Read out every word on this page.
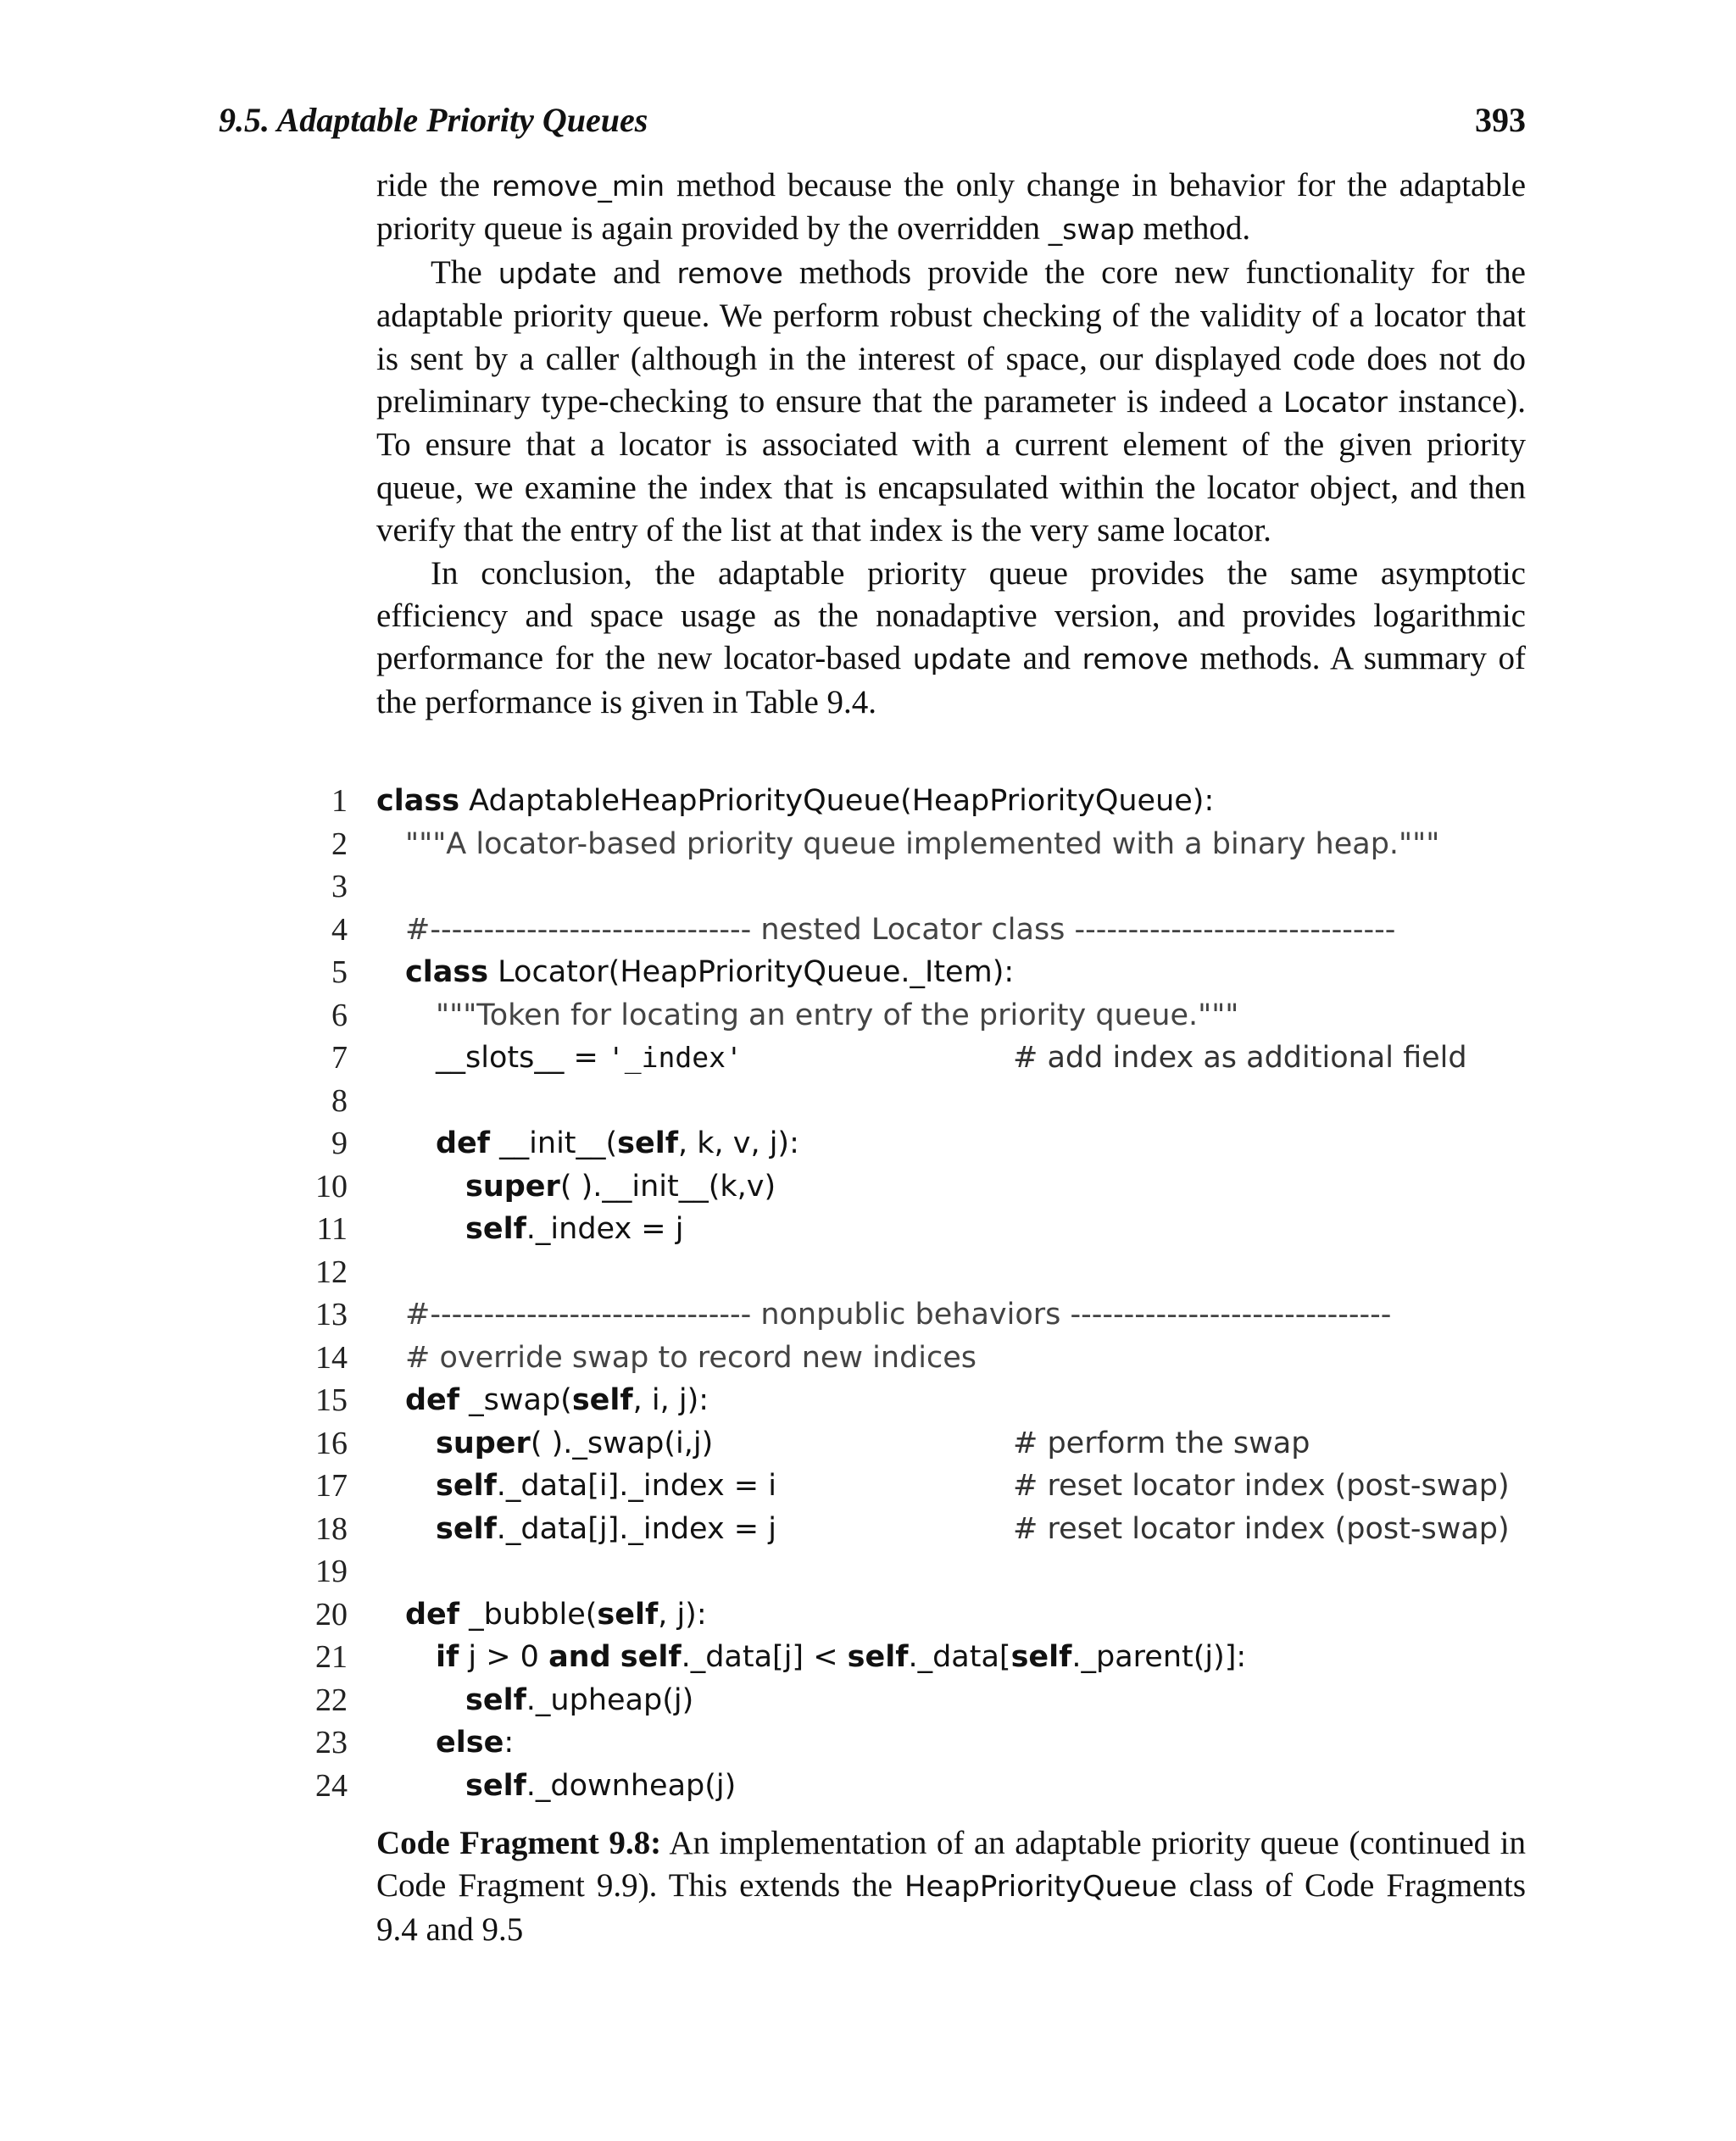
9.5. Adaptable Priority Queues	393

ride the remove_min method because the only change in behavior for the adaptable priority queue is again provided by the overridden _swap method.

The update and remove methods provide the core new functionality for the adaptable priority queue. We perform robust checking of the validity of a locator that is sent by a caller (although in the interest of space, our displayed code does not do preliminary type-checking to ensure that the parameter is indeed a Locator instance). To ensure that a locator is associated with a current element of the given priority queue, we examine the index that is encapsulated within the locator object, and then verify that the entry of the list at that index is the very same locator.

In conclusion, the adaptable priority queue provides the same asymptotic efficiency and space usage as the nonadaptive version, and provides logarithmic performance for the new locator-based update and remove methods. A summary of the performance is given in Table 9.4.

1 class AdaptableHeapPriorityQueue(HeapPriorityQueue):
2 """A locator-based priority queue implemented with a binary heap."""
3
4 #------------------------------ nested Locator class ------------------------------
5 class Locator(HeapPriorityQueue._Item):
6	"""Token for locating an entry of the priority queue."""
7	__slots__ = '_index'	# add index as additional field
8
9	def __init__(self, k, v, j):
10	super( ).__init__(k,v)
11	self._index = j
12
13 #------------------------------ nonpublic behaviors ------------------------------
14 # override swap to record new indices
15 def _swap(self, i, j):
16	super( )._swap(i,j)	# perform the swap
17	self._data[i]._index = i	# reset locator index (post-swap)
18	self._data[j]._index = j	# reset locator index (post-swap)
19
20 def _bubble(self, j):
21	if j > 0 and self._data[j] < self._data[self._parent(j)]:
22	self._upheap(j)
23	else:
24	self._downheap(j)
Code Fragment 9.8: An implementation of an adaptable priority queue (continued in Code Fragment 9.9). This extends the HeapPriorityQueue class of Code Fragments 9.4 and 9.5
